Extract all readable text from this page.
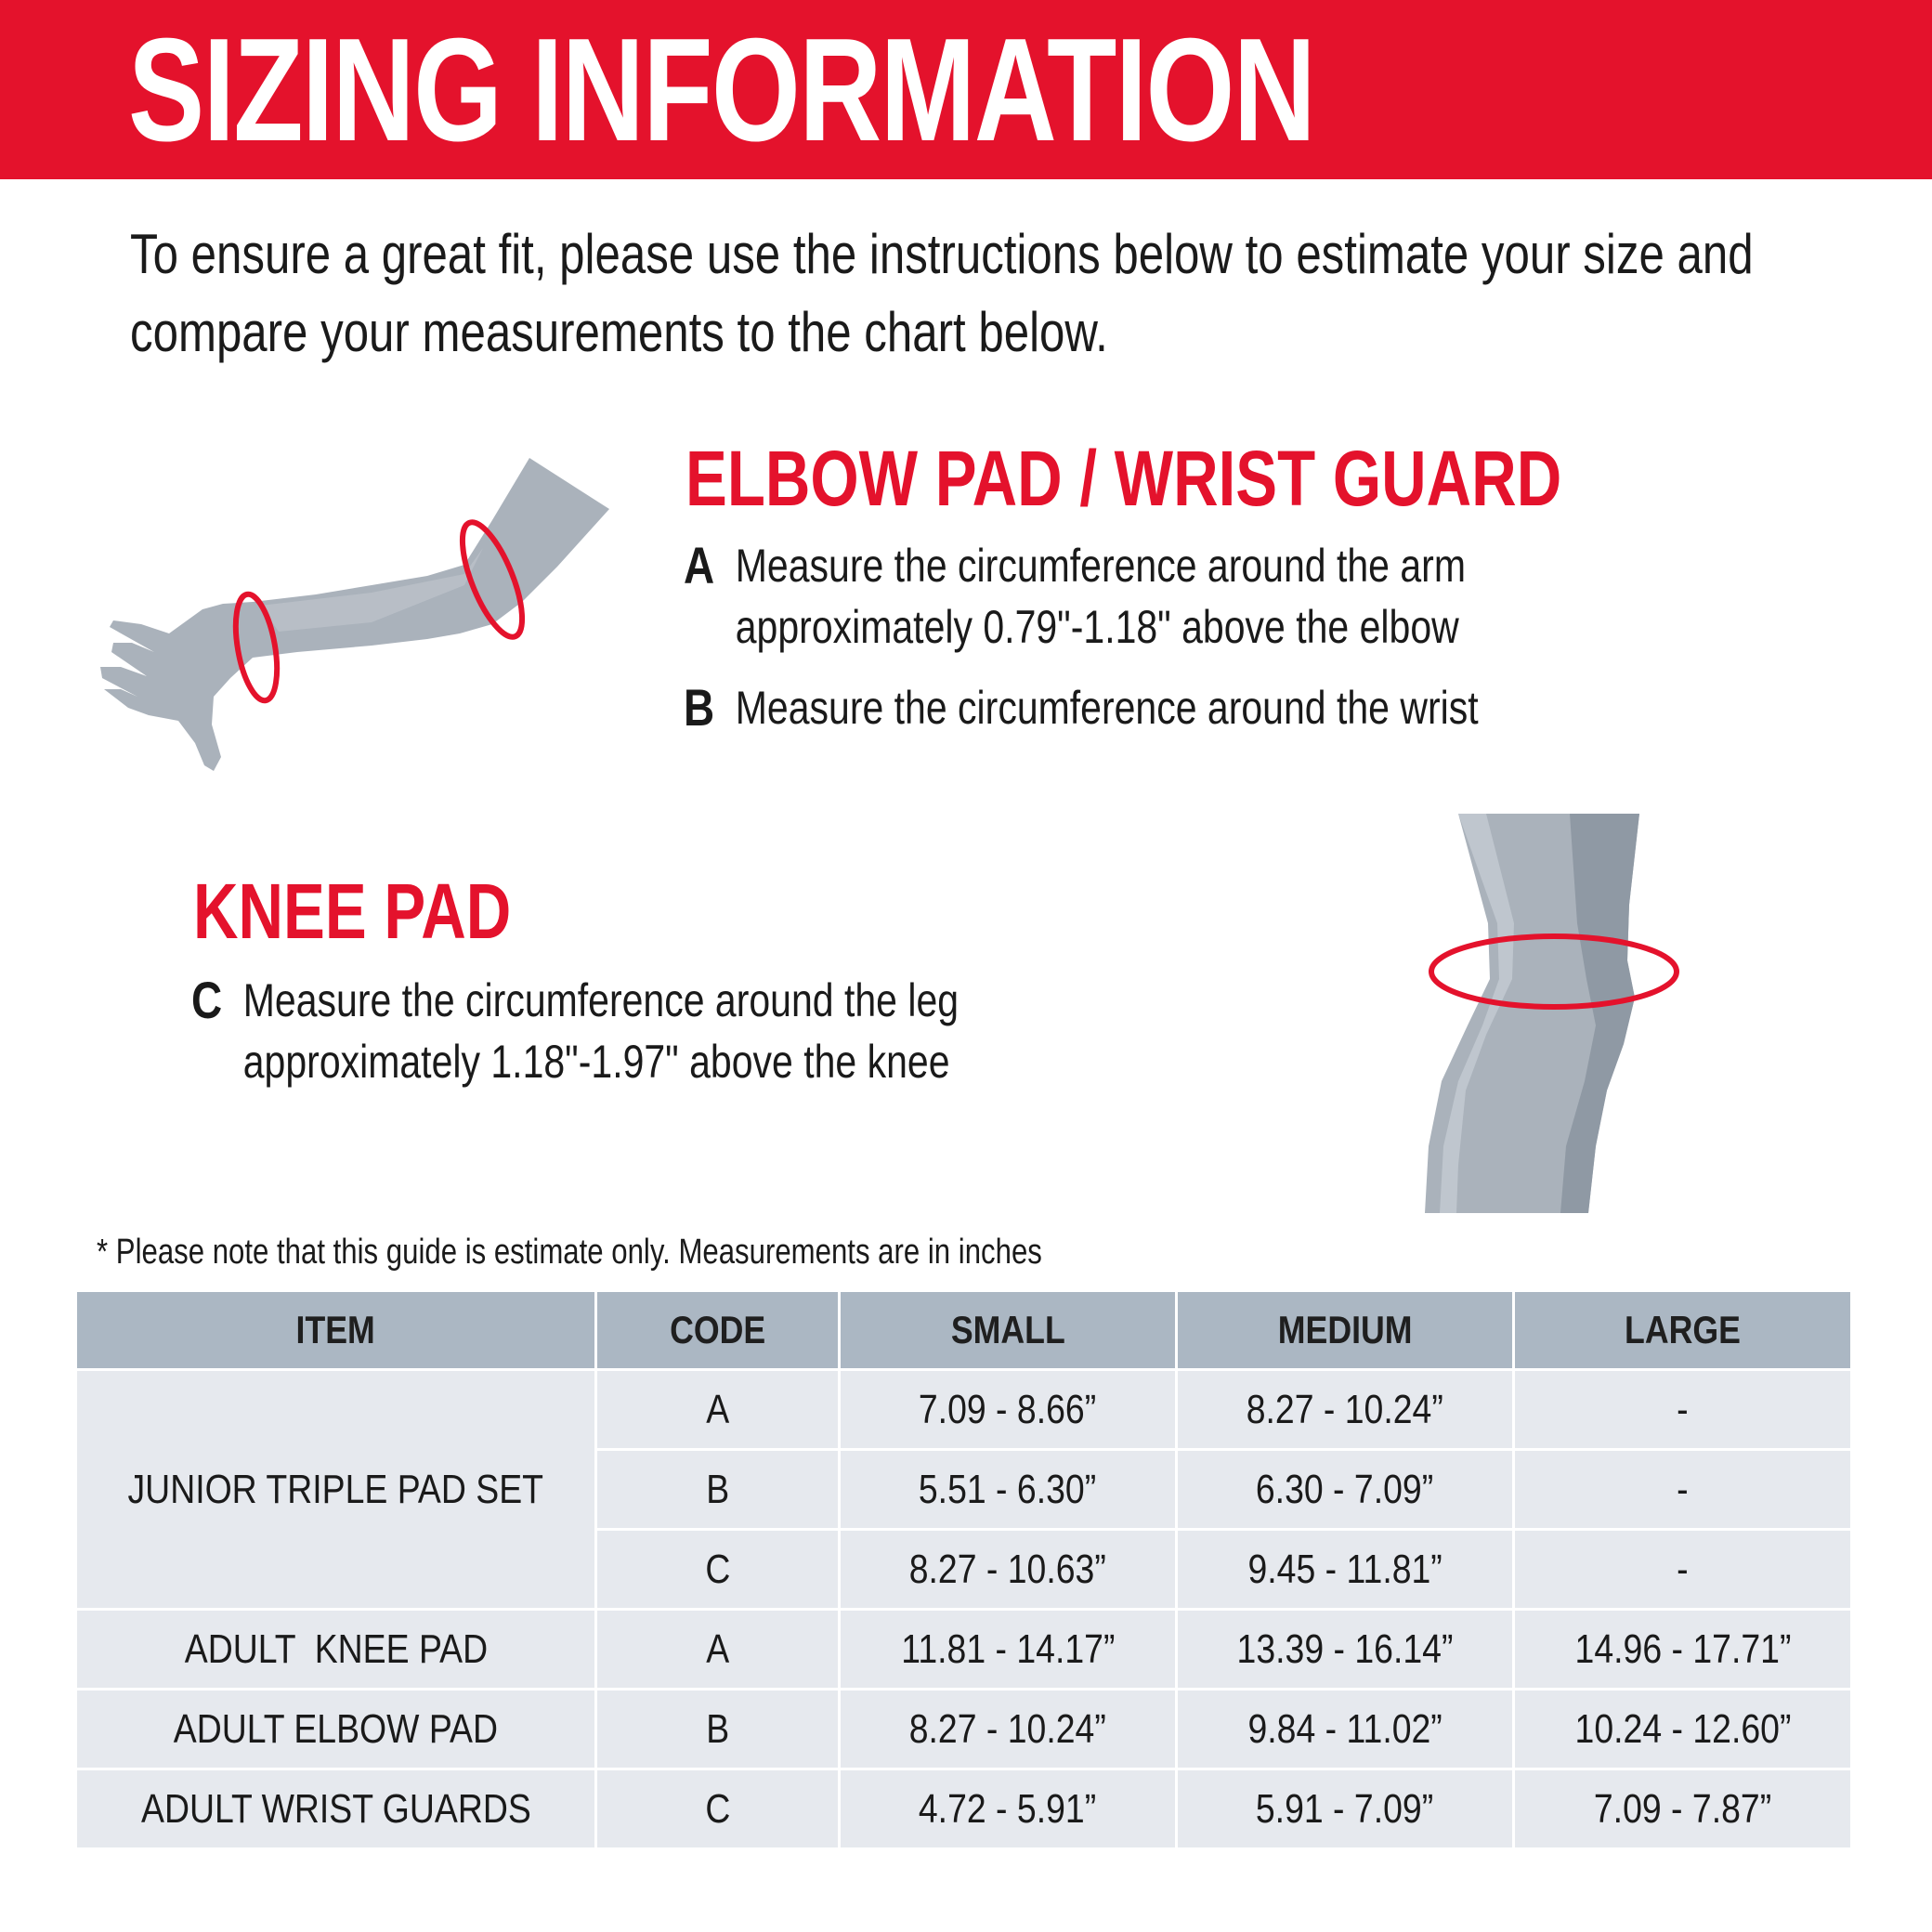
SIZING INFORMATION

To ensure a great fit, please use the instructions below to estimate your size and compare your measurements to the chart below.

ELBOW PAD / WRIST GUARD
A Measure the circumference around the arm approximately 0.79"-1.18" above the elbow
B Measure the circumference around the wrist
KNEE PAD
C Measure the circumference around the leg approximately 1.18"-1.97" above the knee

* Please note that this guide is estimate only. Measurements are in inches

ITEM	CODE	SMALL	MEDIUM	LARGE
JUNIOR TRIPLE PAD SET	A	7.09 - 8.66”	8.27 - 10.24”	-
	B	5.51 - 6.30”	6.30 - 7.09”	-
	C	8.27 - 10.63”	9.45 - 11.81”	-
ADULT  KNEE PAD	A	11.81 - 14.17”	13.39 - 16.14”	14.96 - 17.71”
ADULT ELBOW PAD	B	8.27 - 10.24”	9.84 - 11.02”	10.24 - 12.60”
ADULT WRIST GUARDS	C	4.72 - 5.91”	5.91 - 7.09”	7.09 - 7.87”
